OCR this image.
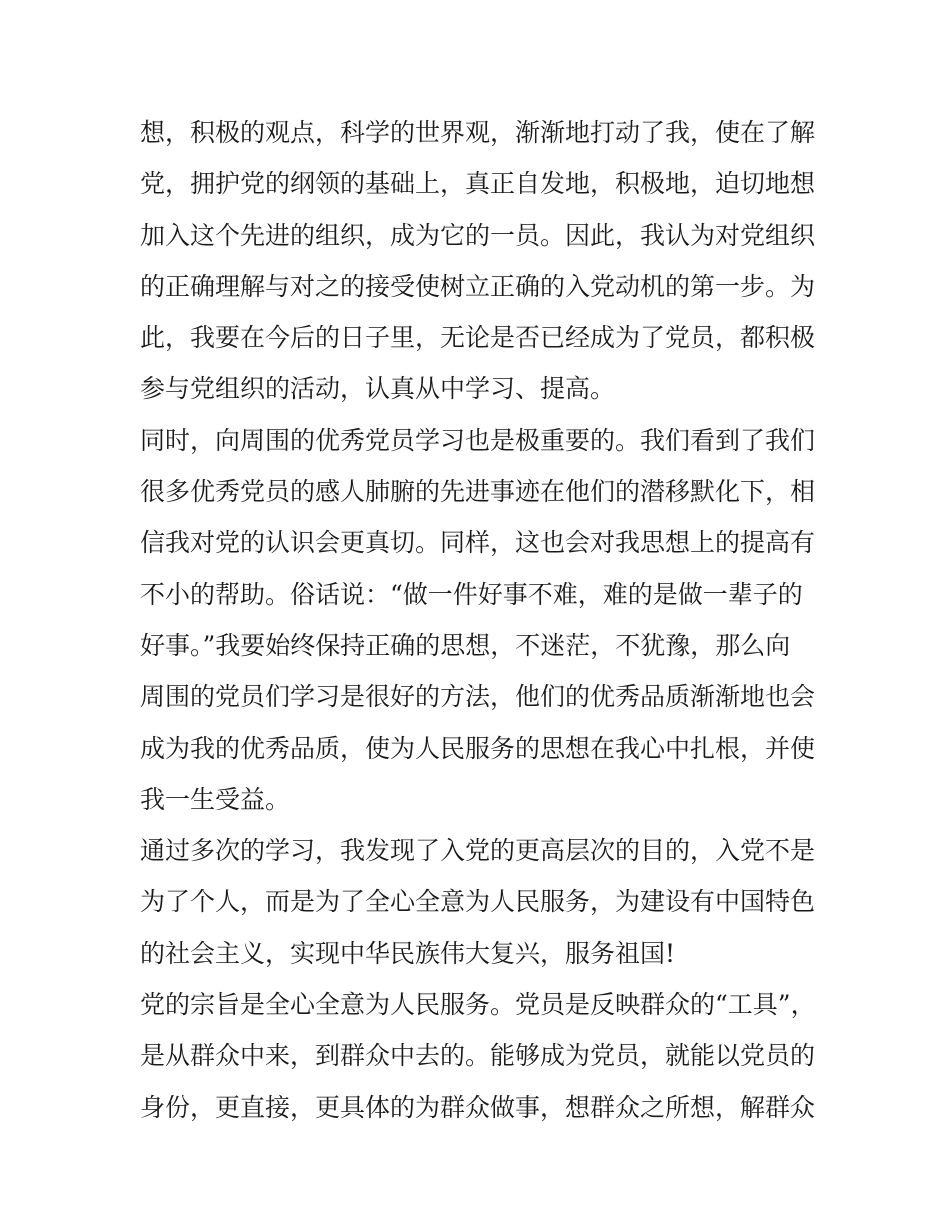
想，积极的观点，科学的世界观，渐渐地打动了我，使在了解
党，拥护党的纲领的基础上，真正自发地，积极地，迫切地想
加入这个先进的组织，成为它的一员。因此，我认为对党组织
的正确理解与对之的接受使树立正确的入党动机的第一步。为
此，我要在今后的日子里，无论是否已经成为了党员，都积极
参与党组织的活动，认真从中学习、提高。
同时，向周围的优秀党员学习也是极重要的。我们看到了我们
很多优秀党员的感人肺腑的先进事迹在他们的潜移默化下，相
信我对党的认识会更真切。同样，这也会对我思想上的提高有
不小的帮助。俗话说：“做一件好事不难，难的是做一辈子的
好事。”我要始终保持正确的思想，不迷茫，不犹豫，那么向
周围的党员们学习是很好的方法，他们的优秀品质渐渐地也会
成为我的优秀品质，使为人民服务的思想在我心中扎根，并使
我一生受益。
通过多次的学习，我发现了入党的更高层次的目的，入党不是
为了个人，而是为了全心全意为人民服务，为建设有中国特色
的社会主义，实现中华民族伟大复兴，服务祖国!
党的宗旨是全心全意为人民服务。党员是反映群众的“工具”，
是从群众中来，到群众中去的。能够成为党员，就能以党员的
身份，更直接，更具体的为群众做事，想群众之所想，解群众
